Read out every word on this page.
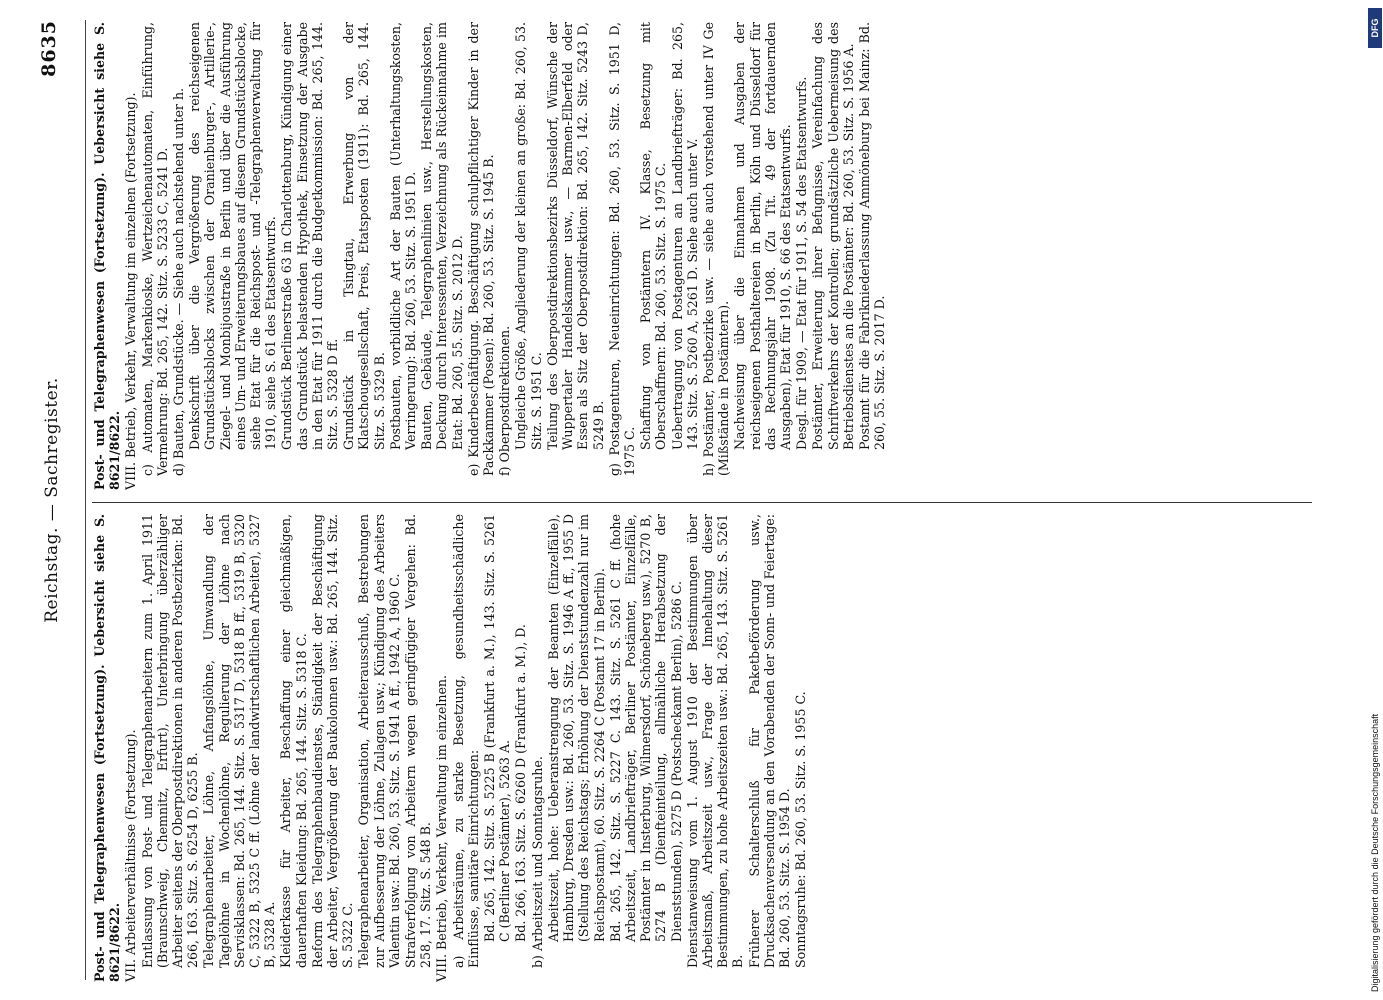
Reichstag. — Sachregister.
8635

Post- und Telegraphenwesen (Fortsetzung). Uebersicht siehe S. 8621/8622. VII. Arbeiterverhältnisse (Fortsetzung). Entlassung von Post- und Telegraphenarbeitern zum 1. April 1911 (Braunschweig, Chemnitz, Erfurt), Unterbringung überzähliger Arbeiter seitens der Oberpostdirektionen in anderen Postbezirken: Bd. 266, 163. Sitz. S. 6254 D, 6255 B. Telegraphenarbeiter, Löhne, Anfangslöhne, Umwandlung der Tagelöhne in Wochenlöhne, Regulierung der Löhne nach Servisklassen: Bd. 265, 144. Sitz. S. 5317 D, 5318 B ff., 5319 B, 5320 C, 5322 B, 5325 C ff. (Löhne der landwirtschaftlichen Arbeiter), 5327 B, 5328 A. Kleiderkasse für Arbeiter, Beschaffung einer gleichmäßigen, dauerhaften Kleidung: Bd. 265, 144. Sitz. S. 5318 C. Reform des Telegraphenbaudienstes, Ständigkeit der Beschäftigung der Arbeiter, Vergrößerung der Baukolonnen usw.: Bd. 265, 144. Sitz. S. 5322 C. Telegraphenarbeiter, Organisation, Arbeiterausschuß, Bestrebungen zur Aufbesserung der Löhne, Zulagen usw.; Kündigung des Arbeiters Valentin usw.: Bd. 260, 53. Sitz. S. 1941 A ff., 1942 A, 1960 C. Strafverfolgung von Arbeitern wegen geringfügiger Vergehen: Bd. 258, 17. Sitz. S. 548 B. VIII. Betrieb, Verkehr, Verwaltung im einzelnen. a) Arbeitsräume, zu starke Besetzung, gesundheitsschädliche Einflüsse, sanitäre Einrichtungen: Bd. 265, 142. Sitz. S. 5225 B (Frankfurt a. M.), 143. Sitz. S. 5261 C (Berliner Postämter), 5263 A. Bd. 266, 163. Sitz. S. 6260 D (Frankfurt a. M.), D. b) Arbeitszeit und Sonntagsruhe. Arbeitszeit, hohe: Ueberanstrengung der Beamten (Einzelfälle), Hamburg, Dresden usw.: Bd. 260, 53. Sitz. S. 1946 A ff., 1955 D (Stellung des Reichstags; Erhöhung der Dienststundenzahl nur im Reichspostamt), 60. Sitz. S. 2264 C (Postamt 17 in Berlin). Bd. 265, 142. Sitz. S. 5227 C. 143. Sitz. S. 5261 C ff. (hohe Arbeitszeit, Landbriefträger, Berliner Postämter, Einzelfälle, Postämter in Insterburg, Wilmersdorf, Schöneberg usw.), 5270 B, 5274 B (Dienfteinteilung, allmähliche Herabsetzung der Dienststunden), 5275 D (Postscheckamt Berlin), 5286 C. Dienstanweisung vom 1. August 1910 der Bestimmungen über Arbeitsmaß, Arbeitszeit usw., Frage der Innehaltung dieser Bestimmungen, zu hohe Arbeitszeiten usw.: Bd. 265, 143. Sitz. S. 5261 B. Früherer Schalterschluß für Paketbeförderung usw., Drucksachenversendung an den Vorabenden der Sonn- und Feiertage: Bd. 260, 53. Sitz. S. 1954 D. Sonntagsruhe: Bd. 260, 53. Sitz. S. 1955 C.

Post- und Telegraphenwesen (Fortsetzung). Uebersicht siehe S. 8621/8622. VIII. Betrieb, Verkehr, Verwaltung im einzelnen (Fortsetzung). c) Automaten, Markenkioske, Wertzeichenautomaten, Einführung, Vermehrung: Bd. 265, 142. Sitz. S. 5233 C, 5241 D. d) Bauten, Grundstücke. — Siehe auch nachstehend unter h. Denkschrift über die Vergrößerung des reichseigenen Grundstücksblocks zwischen der Oranienburger-, Artillerie-, Ziegel- und Monbijoustraße in Berlin und über die Ausführung eines Um- und Erweiterungsbaues auf diesem Grundstücksblocke, siehe Etat für die Reichspost- und -Telegraphenverwaltung für 1910, siehe S. 61 des Etatsentwurfs. Grundstück Berlinerstraße 63 in Charlottenburg, Kündigung einer das Grundstück belastenden Hypothek, Einsetzung der Ausgabe in den Etat für 1911 durch die Budgetkommission: Bd. 265, 144. Sitz. S. 5328 D ff. Grundstück in Tsingtau, Erwerbung von der Klatschougesellschaft, Preis, Etatsposten (1911): Bd. 265, 144. Sitz. S. 5329 B. Postbauten, vorbildliche Art der Bauten (Unterhaltungskosten, Verringerung): Bd. 260, 53. Sitz. S. 1951 D. Bauten, Gebäude, Telegraphenlinien usw., Herstellungskosten, Deckung durch Interessenten, Verzeichnung als Rückeinnahme im Etat: Bd. 260, 55. Sitz. S. 2012 D. e) Kinderbeschäftigung. Beschäftigung schulpflichtiger Kinder in der Packkammer (Posen): Bd. 260, 53. Sitz. S. 1945 B. f) Oberpostdirektionen. Ungleiche Größe, Angliederung der kleinen an große: Bd. 260, 53. Sitz. S. 1951 C. Teilung des Oberpostdirektionsbezirks Düsseldorf, Wünsche der Wuppertaler Handelskammer usw., — Barmen-Elberfeld oder Essen als Sitz der Oberpostdirektion: Bd. 265, 142. Sitz. 5243 D, 5249 B. g) Postagenturen, Neueinrichtungen: Bd. 260, 53. Sitz. S. 1951 D, 1975 C.

Schaffung von Postämtern IV. Klasse, Besetzung mit Oberschaffnern: Bd. 260, 53. Sitz. S. 1975 C. Uebertragung von Postagenturen an Landbriefträger: Bd. 265, 143. Sitz. S. 5260 A, 5261 D. Siehe auch unter V. h) Postämter, Postbezirke usw. — siehe auch vorstehend unter IV Ge (Mißstände in Postämtern). Nachweisung über die Einnahmen und Ausgaben der reichseigenen Posthaltereien in Berlin, Köln und Düsseldorf für das Rechnungsjahr 1908. (Zu Tit. 49 der fortdauernden Ausgaben), Etat für 1910, S. 66 des Etatsentwurfs. Desgl. für 1909, — Etat für 1911, S. 54 des Etatsentwurfs. Postämter, Erweiterung ihrer Befugnisse, Vereinfachung des Schriftverkehrs der Kontrollen; grundsätzliche Uebermeisung des Betriebsdienstes an die Postämter: Bd. 260, 53. Sitz. S. 1956 A. Postamt für die Fabrikniederlassung Ammöneburg bei Mainz: Bd. 260, 55. Sitz. S. 2017 D.

Digitalisierung gefördert durch die Deutsche Forschungsgemeinschaft
DFG
